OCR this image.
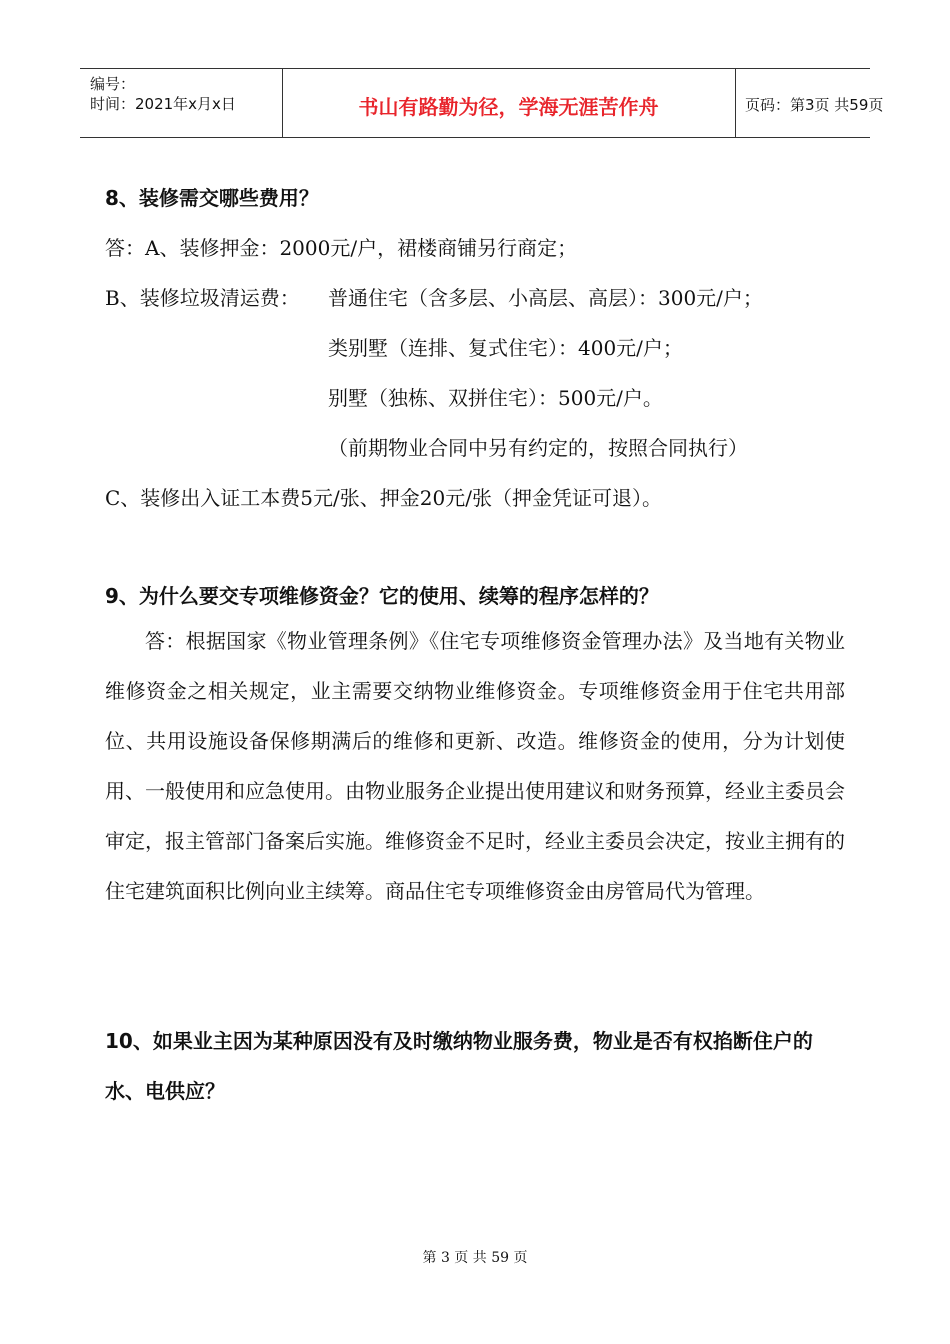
编号：
时间：2021年x月x日	书山有路勤为径，学海无涯苦作舟	页码：第3页 共59页
8、装修需交哪些费用？
答：A、装修押金：2000元/户，裙楼商铺另行商定；
B、装修垃圾清运费： 普通住宅（含多层、小高层、高层）：300元/户；
类别墅（连排、复式住宅）：400元/户；
别墅（独栋、双拼住宅）：500元/户。
（前期物业合同中另有约定的，按照合同执行）
C、装修出入证工本费5元/张、押金20元/张（押金凭证可退）。
9、为什么要交专项维修资金？它的使用、续筹的程序怎样的？
答：根据国家《物业管理条例》《住宅专项维修资金管理办法》及当地有关物业维修资金之相关规定，业主需要交纳物业维修资金。专项维修资金用于住宅共用部位、共用设施设备保修期满后的维修和更新、改造。维修资金的使用，分为计划使用、一般使用和应急使用。由物业服务企业提出使用建议和财务预算，经业主委员会审定，报主管部门备案后实施。维修资金不足时，经业主委员会决定，按业主拥有的住宅建筑面积比例向业主续筹。商品住宅专项维修资金由房管局代为管理。
10、如果业主因为某种原因没有及时缴纳物业服务费，物业是否有权掐断住户的水、电供应？
第 3 页 共 59 页
